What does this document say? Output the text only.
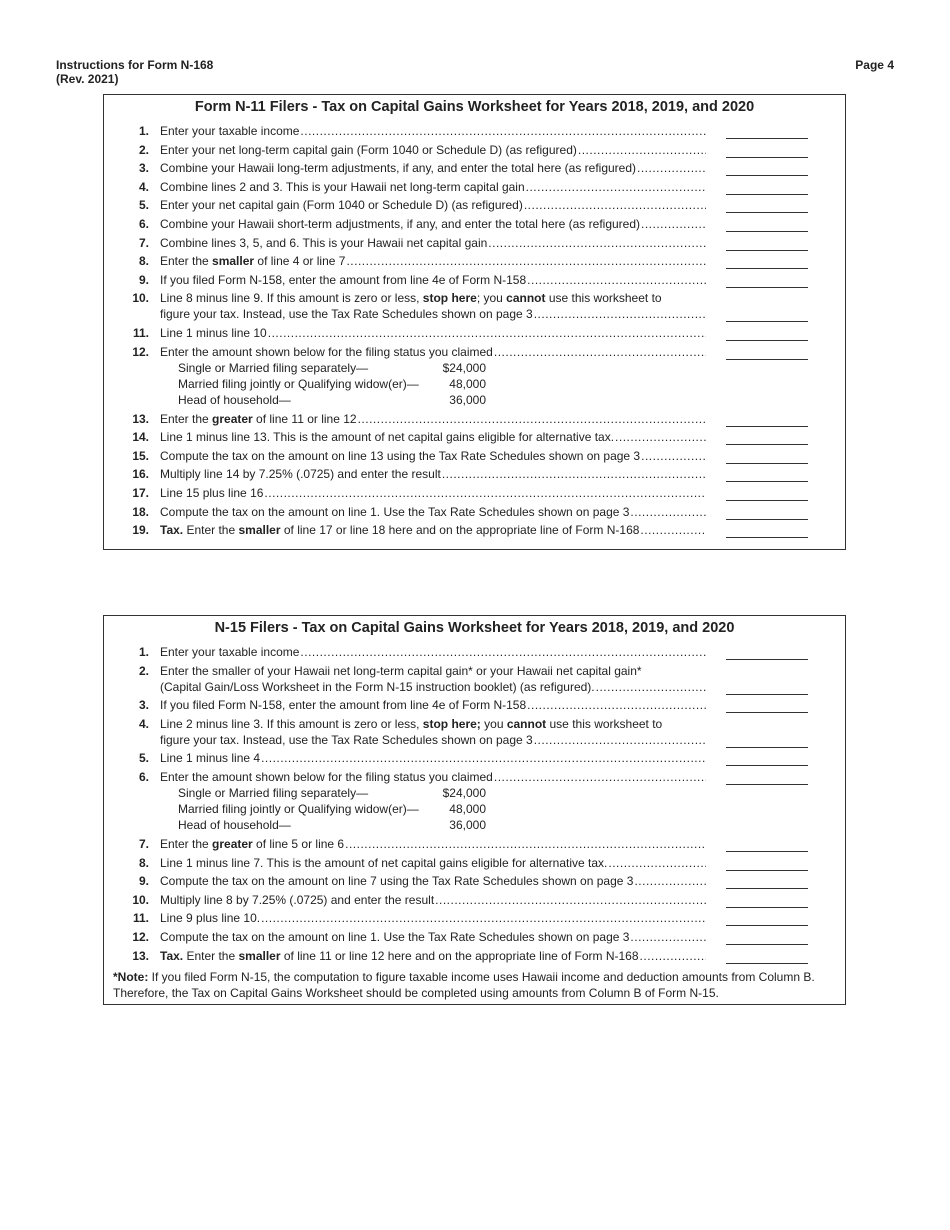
Instructions for Form N-168
(Rev. 2021)
Page 4
Form N-11 Filers - Tax on Capital Gains Worksheet for Years 2018, 2019, and 2020
1. Enter your taxable income
.....
2. Enter your net long-term capital gain (Form 1040 or Schedule D) (as refigured)
.....
3. Combine your Hawaii long-term adjustments, if any, and enter the total here (as refigured)
.....
4. Combine lines 2 and 3. This is your Hawaii net long-term capital gain
.....
5. Enter your net capital gain (Form 1040 or Schedule D) (as refigured)
.....
6. Combine your Hawaii short-term adjustments, if any, and enter the total here (as refigured)
.....
7. Combine lines 3, 5, and 6. This is your Hawaii net capital gain
.....
8. Enter the smaller of line 4 or line 7
.....
9. If you filed Form N-158, enter the amount from line 4e of Form N-158
.....
10. Line 8 minus line 9. If this amount is zero or less, stop here; you cannot use this worksheet to
figure your tax. Instead, use the Tax Rate Schedules shown on page 3
.....
11. Line 1 minus line 10
.....
12. Enter the amount shown below for the filing status you claimed
.....
Single or Married filing separately—	$24,000
Married filing jointly or Qualifying widow(er)—	48,000
Head of household—	36,000
13. Enter the greater of line 11 or line 12
.....
14. Line 1 minus line 13. This is the amount of net capital gains eligible for alternative tax.
.....
15. Compute the tax on the amount on line 13 using the Tax Rate Schedules shown on page 3
.....
16. Multiply line 14 by 7.25% (.0725) and enter the result
.....
17. Line 15 plus line 16
.....
18. Compute the tax on the amount on line 1. Use the Tax Rate Schedules shown on page 3
.....
19. Tax. Enter the smaller of line 17 or line 18 here and on the appropriate line of Form N-168
.....
N-15 Filers - Tax on Capital Gains Worksheet for Years 2018, 2019, and 2020
1. Enter your taxable income
.....
2. Enter the smaller of your Hawaii net long-term capital gain* or your Hawaii net capital gain*
(Capital Gain/Loss Worksheet in the Form N-15 instruction booklet) (as refigured).
.....
3. If you filed Form N-158, enter the amount from line 4e of Form N-158
.....
4. Line 2 minus line 3. If this amount is zero or less, stop here; you cannot use this worksheet to
figure your tax. Instead, use the Tax Rate Schedules shown on page 3
.....
5. Line 1 minus line 4
.....
6. Enter the amount shown below for the filing status you claimed
.....
Single or Married filing separately—	$24,000
Married filing jointly or Qualifying widow(er)—	48,000
Head of household—	36,000
7. Enter the greater of line 5 or line 6
.....
8. Line 1 minus line 7. This is the amount of net capital gains eligible for alternative tax.
.....
9. Compute the tax on the amount on line 7 using the Tax Rate Schedules shown on page 3
.....
10. Multiply line 8 by 7.25% (.0725) and enter the result
.....
11. Line 9 plus line 10.
.....
12. Compute the tax on the amount on line 1. Use the Tax Rate Schedules shown on page 3
.....
13. Tax. Enter the smaller of line 11 or line 12 here and on the appropriate line of Form N-168
.....
*Note: If you filed Form N-15, the computation to figure taxable income uses Hawaii income and deduction amounts from Column B. Therefore, the Tax on Capital Gains Worksheet should be completed using amounts from Column B of Form N-15.
